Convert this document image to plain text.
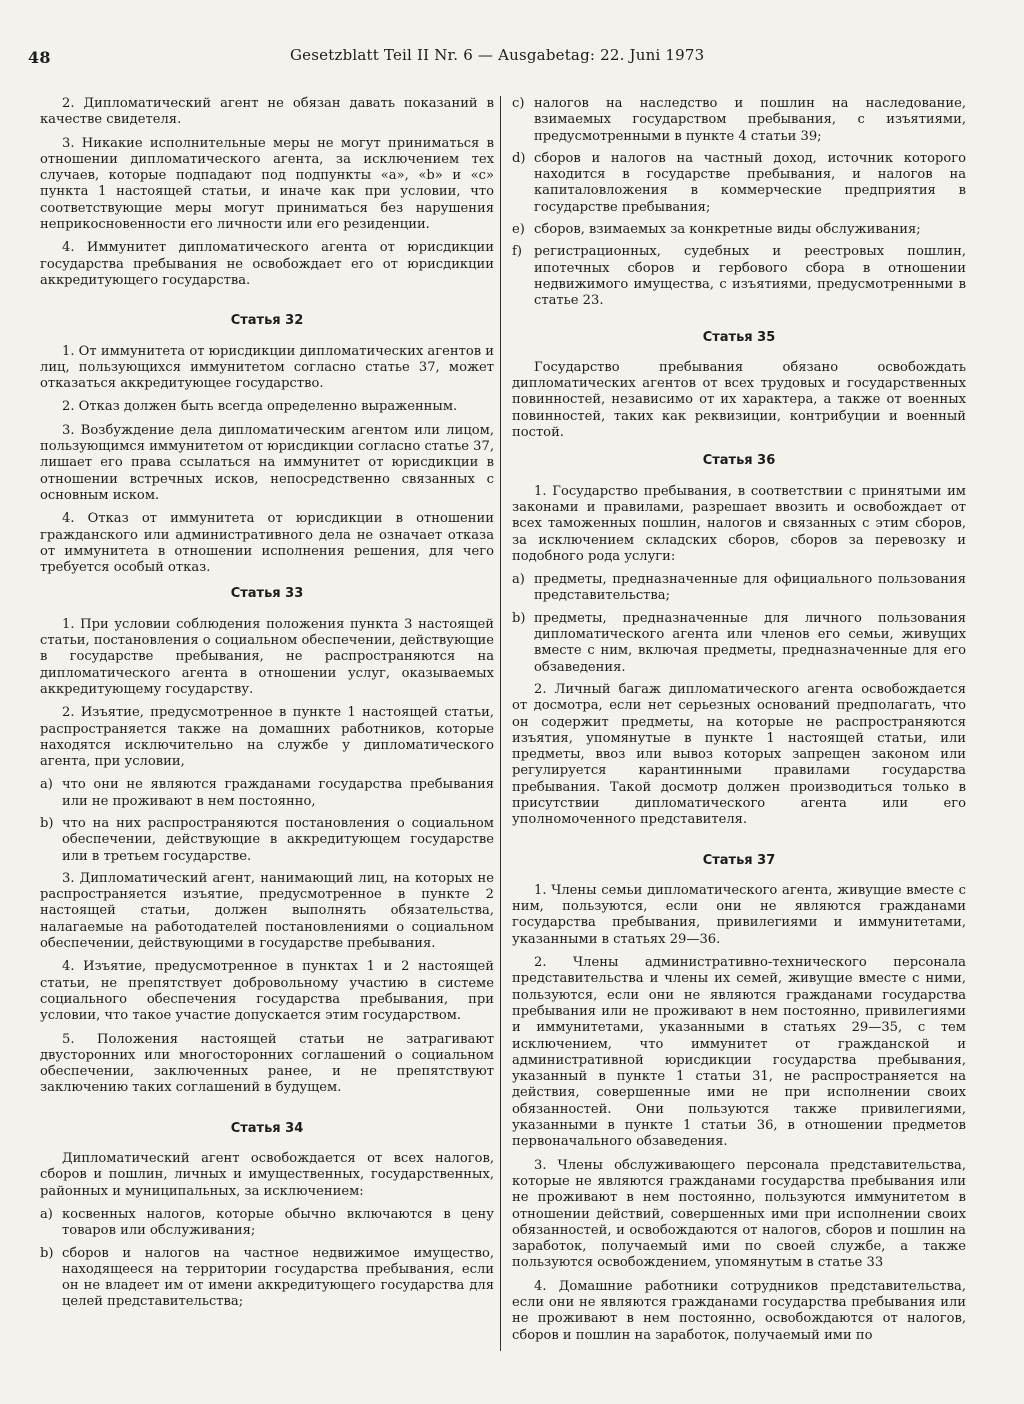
48	Gesetzblatt Teil II Nr. 6 — Ausgabetag: 22. Juni 1973

2. Дипломатический агент не обязан давать показаний в качестве свидетеля.

3. Никакие исполнительные меры не могут приниматься в отношении дипломатического агента, за исключением тех случаев, которые подпадают под подпункты «а», «b» и «с» пункта 1 настоящей статьи, и иначе как при условии, что соответствующие меры могут приниматься без нарушения неприкосновенности его личности или его резиденции.

4. Иммунитет дипломатического агента от юрисдикции государства пребывания не освобождает его от юрисдикции аккредитующего государства.

Статья 32

1. От иммунитета от юрисдикции дипломатических агентов и лиц, пользующихся иммунитетом согласно статье 37, может отказаться аккредитующее государство.

2. Отказ должен быть всегда определенно выраженным.

3. Возбуждение дела дипломатическим агентом или лицом, пользующимся иммунитетом от юрисдикции согласно статье 37, лишает его права ссылаться на иммунитет от юрисдикции в отношении встречных исков, непосредственно связанных с основным иском.

4. Отказ от иммунитета от юрисдикции в отношении гражданского или административного дела не означает отказа от иммунитета в отношении исполнения решения, для чего требуется особый отказ.

Статья 33

1. При условии соблюдения положения пункта 3 настоящей статьи, постановления о социальном обеспечении, действующие в государстве пребывания, не распространяются на дипломатического агента в отношении услуг, оказываемых аккредитующему государству.

2. Изъятие, предусмотренное в пункте 1 настоящей статьи, распространяется также на домашних работников, которые находятся исключительно на службе у дипломатического агента, при условии,

a) что они не являются гражданами государства пребывания или не проживают в нем постоянно,
b) что на них распространяются постановления о социальном обеспечении, действующие в аккредитующем государстве или в третьем государстве.

3. Дипломатический агент, нанимающий лиц, на которых не распространяется изъятие, предусмотренное в пункте 2 настоящей статьи, должен выполнять обязательства, налагаемые на работодателей постановлениями о социальном обеспечении, действующими в государстве пребывания.

4. Изъятие, предусмотренное в пунктах 1 и 2 настоящей статьи, не препятствует добровольному участию в системе социального обеспечения государства пребывания, при условии, что такое участие допускается этим государством.

5. Положения настоящей статьи не затрагивают двусторонних или многосторонних соглашений о социальном обеспечении, заключенных ранее, и не препятствуют заключению таких соглашений в будущем.

Статья 34

Дипломатический агент освобождается от всех налогов, сборов и пошлин, личных и имущественных, государственных, районных и муниципальных, за исключением:

a) косвенных налогов, которые обычно включаются в цену товаров или обслуживания;
b) сборов и налогов на частное недвижимое имущество, находящееся на территории государства пребывания, если он не владеет им от имени аккредитующего государства для целей представительства;
c) налогов на наследство и пошлин на наследование, взимаемых государством пребывания, с изъятиями, предусмотренными в пункте 4 статьи 39;
d) сборов и налогов на частный доход, источник которого находится в государстве пребывания, и налогов на капиталовложения в коммерческие предприятия в государстве пребывания;
e) сборов, взимаемых за конкретные виды обслуживания;
f) регистрационных, судебных и реестровых пошлин, ипотечных сборов и гербового сбора в отношении недвижимого имущества, с изъятиями, предусмотренными в статье 23.
Статья 35

Государство пребывания обязано освобождать дипломатических агентов от всех трудовых и государственных повинностей, независимо от их характера, а также от военных повинностей, таких как реквизиции, контрибуции и военный постой.

Статья 36

1. Государство пребывания, в соответствии с принятыми им законами и правилами, разрешает ввозить и освобождает от всех таможенных пошлин, налогов и связанных с этим сборов, за исключением складских сборов, сборов за перевозку и подобного рода услуги:

a) предметы, предназначенные для официального пользования представительства;
b) предметы, предназначенные для личного пользования дипломатического агента или членов его семьи, живущих вместе с ним, включая предметы, предназначенные для его обзаведения.

2. Личный багаж дипломатического агента освобождается от досмотра, если нет серьезных оснований предполагать, что он содержит предметы, на которые не распространяются изъятия, упомянутые в пункте 1 настоящей статьи, или предметы, ввоз или вывоз которых запрещен законом или регулируется карантинными правилами государства пребывания. Такой досмотр должен производиться только в присутствии дипломатического агента или его уполномоченного представителя.

Статья 37

1. Члены семьи дипломатического агента, живущие вместе с ним, пользуются, если они не являются гражданами государства пребывания, привилегиями и иммунитетами, указанными в статьях 29—36.

2. Члены административно-технического персонала представительства и члены их семей, живущие вместе с ними, пользуются, если они не являются гражданами государства пребывания или не проживают в нем постоянно, привилегиями и иммунитетами, указанными в статьях 29—35, с тем исключением, что иммунитет от гражданской и административной юрисдикции государства пребывания, указанный в пункте 1 статьи 31, не распространяется на действия, совершенные ими не при исполнении своих обязанностей. Они пользуются также привилегиями, указанными в пункте 1 статьи 36, в отношении предметов первоначального обзаведения.

3. Члены обслуживающего персонала представительства, которые не являются гражданами государства пребывания или не проживают в нем постоянно, пользуются иммунитетом в отношении действий, совершенных ими при исполнении своих обязанностей, и освобождаются от налогов, сборов и пошлин на заработок, получаемый ими по своей службе, а также пользуются освобождением, упомянутым в статье 33

4. Домашние работники сотрудников представительства, если они не являются гражданами государства пребывания или не проживают в нем постоянно, освобождаются от налогов, сборов и пошлин на заработок, получаемый ими по
